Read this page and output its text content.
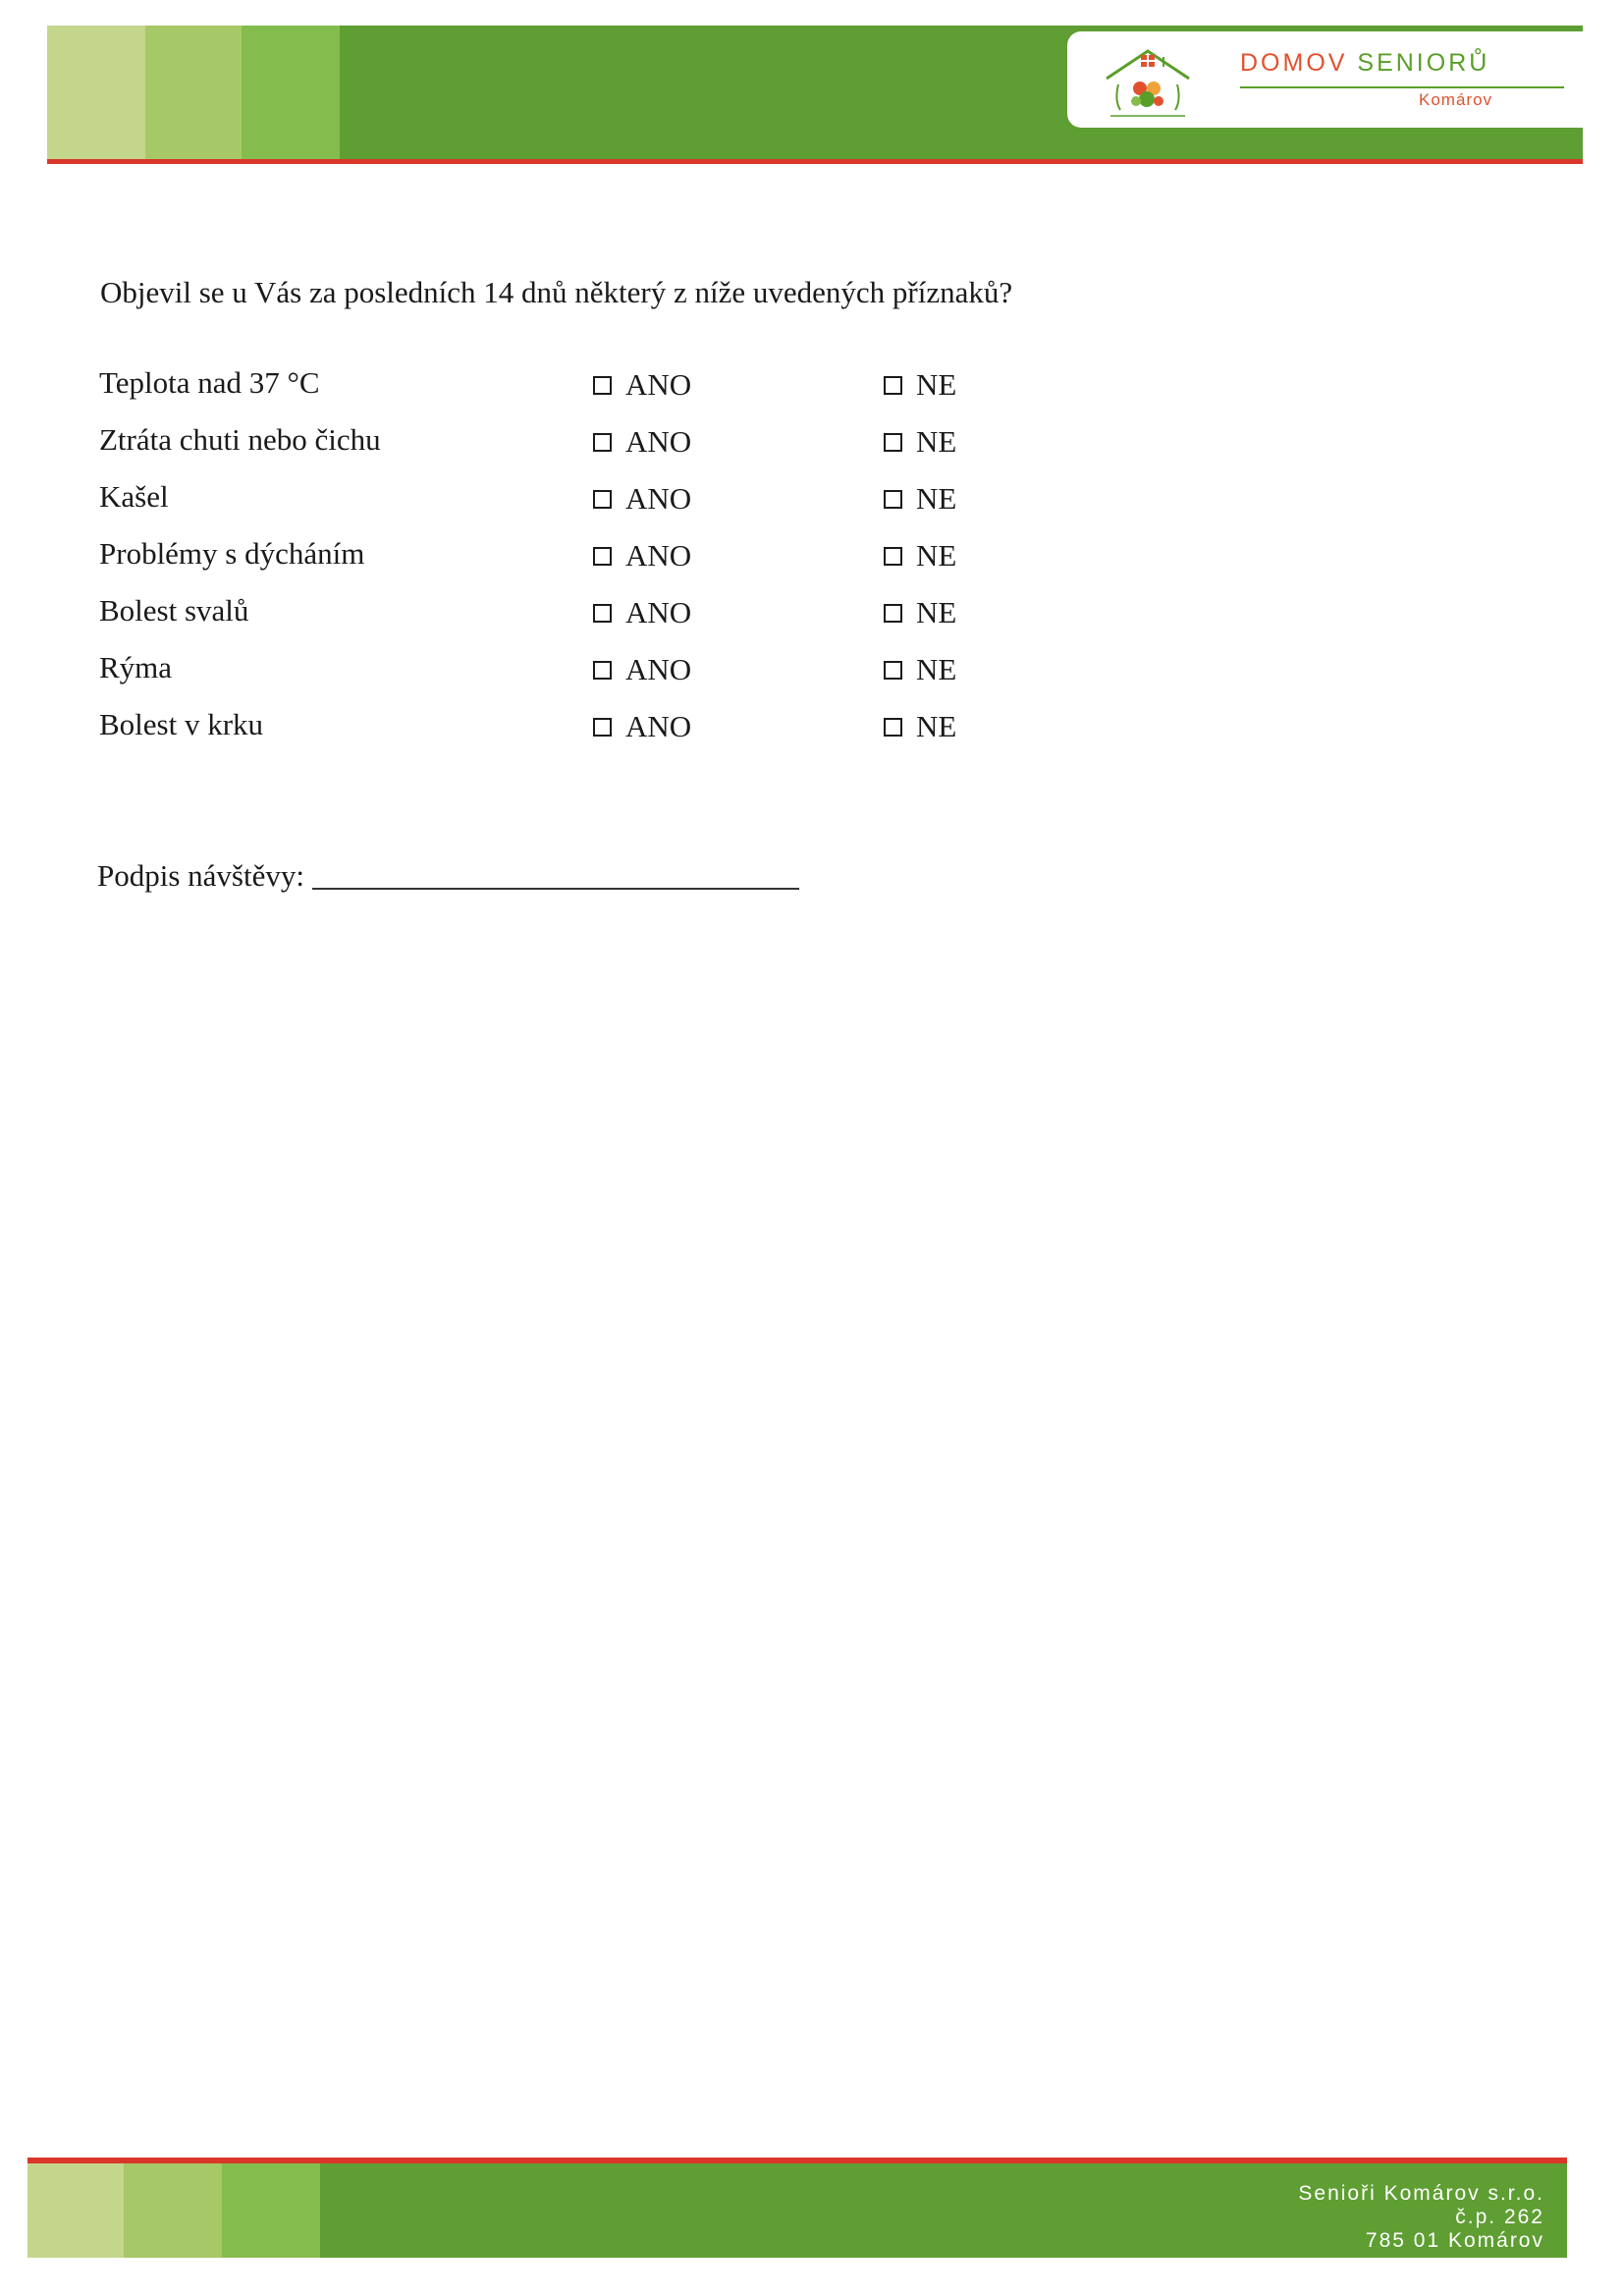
DOMOV SENIORŮ
Komárov
Objevil se u Vás za posledních 14 dnů některý z níže uvedených příznaků?
Teplota nad 37 °C	ANO	NE
Ztráta chuti nebo čichu	ANO	NE
Kašel	ANO	NE
Problémy s dýcháním	ANO	NE
Bolest svalů	ANO	NE
Rýma	ANO	NE
Bolest v krku	ANO	NE
Podpis návštěvy:
Senioři Komárov s.r.o.
č.p. 262
785 01 Komárov
